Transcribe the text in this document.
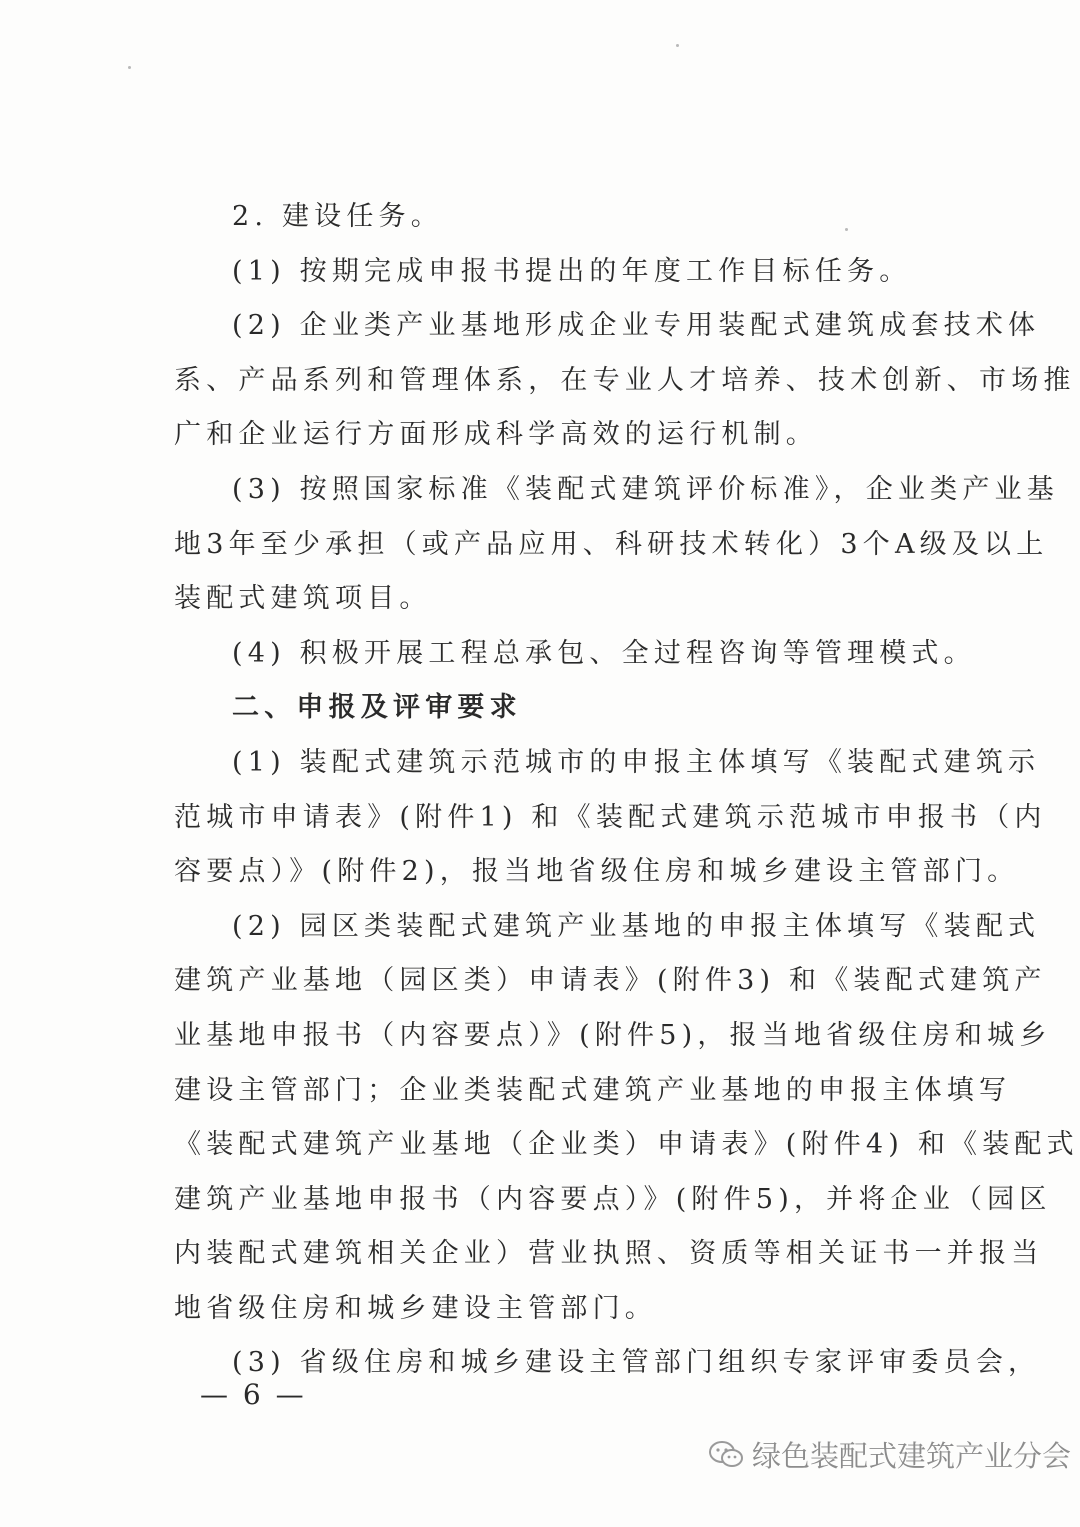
2. 建设任务。
(1) 按期完成申报书提出的年度工作目标任务。
(2) 企业类产业基地形成企业专用装配式建筑成套技术体
系、产品系列和管理体系，在专业人才培养、技术创新、市场推
广和企业运行方面形成科学高效的运行机制。
(3) 按照国家标准《装配式建筑评价标准》，企业类产业基
地3年至少承担（或产品应用、科研技术转化）3个A级及以上
装配式建筑项目。
(4) 积极开展工程总承包、全过程咨询等管理模式。
二、申报及评审要求
(1) 装配式建筑示范城市的申报主体填写《装配式建筑示
范城市申请表》(附件1) 和《装配式建筑示范城市申报书（内
容要点）》(附件2)，报当地省级住房和城乡建设主管部门。
(2) 园区类装配式建筑产业基地的申报主体填写《装配式
建筑产业基地（园区类）申请表》(附件3) 和《装配式建筑产
业基地申报书（内容要点）》(附件5)，报当地省级住房和城乡
建设主管部门；企业类装配式建筑产业基地的申报主体填写
《装配式建筑产业基地（企业类）申请表》(附件4) 和《装配式
建筑产业基地申报书（内容要点）》(附件5)，并将企业（园区
内装配式建筑相关企业）营业执照、资质等相关证书一并报当
地省级住房和城乡建设主管部门。
(3) 省级住房和城乡建设主管部门组织专家评审委员会，
— 6 —
绿色装配式建筑产业分会
